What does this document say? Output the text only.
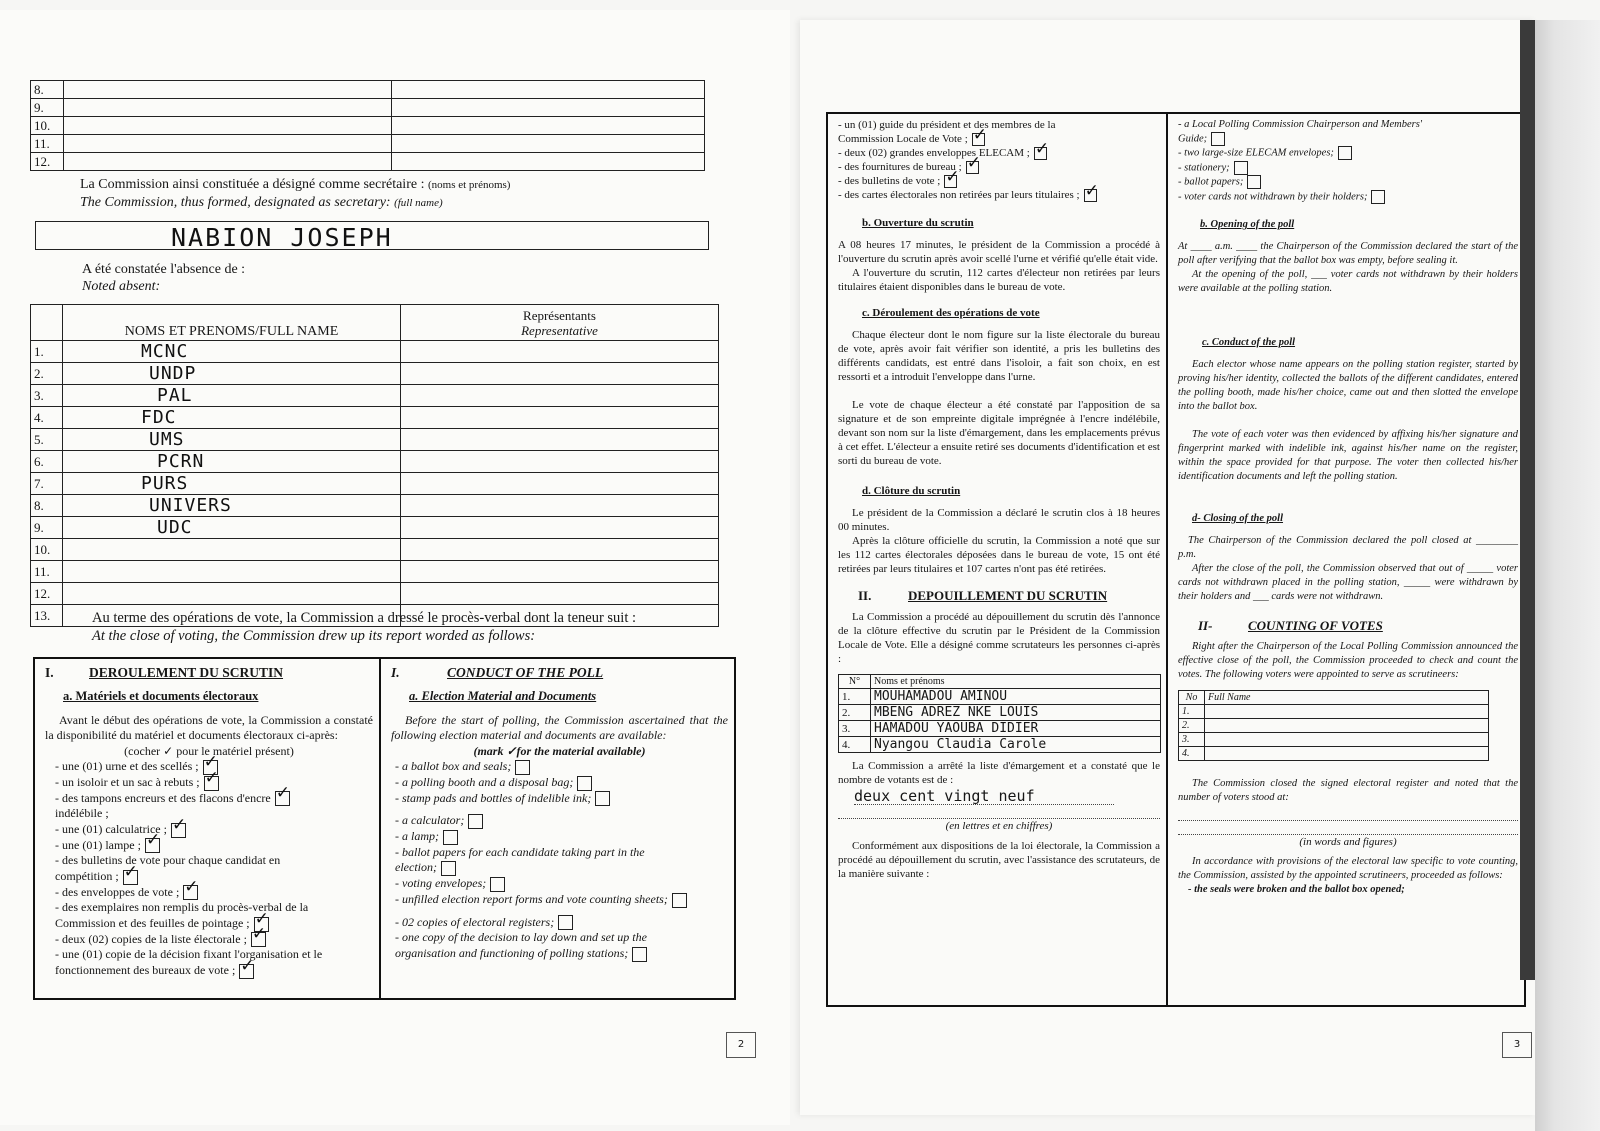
8.		
9.		
10.		
11.		
12.		
La Commission ainsi constituée a désigné comme secrétaire : (noms et prénoms)
The Commission, thus formed, designated as secretary: (full name)
NABION JOSEPH
A été constatée l'absence de :
Noted absent:
	NOMS ET PRENOMS/FULL NAME	Représentants
Representative

1.	MCNC	
2.	UNDP	
3.	PAL	
4.	FDC	
5.	UMS	
6.	PCRN	
7.	PURS	
8.	UNIVERS	
9.	UDC	
10.		
11.		
12.		
13.			Au terme des opérations de vote, la Commission a dressé le procès-verbal dont la teneur suit :
At the close of voting, the Commission drew up its report worded as follows:
I.	DEROULEMENT DU SCRUTIN
a. Matériels et documents électoraux
Avant le début des opérations de vote, la Commission a constaté la disponibilité du matériel et documents électoraux ci-après:
(cocher ✓ pour le matériel présent)
- une (01) urne et des scellés ;✓
- un isoloir et un sac à rebuts ;✓
- des tampons encreurs et des flacons d'encre✓
indélébile ;
- une (01) calculatrice ;✓
- une (01) lampe ;✓
- des bulletins de vote pour chaque candidat en
compétition ;✓
- des enveloppes de vote ;✓
- des exemplaires non remplis du procès-verbal de la
Commission et des feuilles de pointage ;✓
- deux (02) copies de la liste électorale ;✓
- une (01) copie de la décision fixant l'organisation et le
fonctionnement des bureaux de vote ;✓
I.	CONDUCT OF THE POLL
a. Election Material and Documents
Before the start of polling, the Commission ascertained that the following election material and documents are available:
(mark ✓for the material available)
- a ballot box and seals;
- a polling booth and a disposal bag;
- stamp pads and bottles of indelible ink;
- a calculator;
- a lamp;
- ballot papers for each candidate taking part in the
election;
- voting envelopes;
- unfilled election report forms and vote counting sheets;
- 02 copies of electoral registers;
- one copy of the decision to lay down and set up the
organisation and functioning of polling stations;
2
- un (01) guide du président et des membres de la
Commission Locale de Vote ;✓
- deux (02) grandes enveloppes ELECAM ;✓
- des fournitures de bureau ;✓
- des bulletins de vote ;✓
- des cartes électorales non retirées par leurs titulaires ;✓
b. Ouverture du scrutin
A 08 heures 17 minutes, le président de la Commission a procédé à l'ouverture du scrutin après avoir scellé l'urne et vérifié qu'elle était vide.
A l'ouverture du scrutin, 112 cartes d'électeur non retirées par leurs titulaires étaient disponibles dans le bureau de vote.
c. Déroulement des opérations de vote
Chaque électeur dont le nom figure sur la liste électorale du bureau de vote, après avoir fait vérifier son identité, a pris les bulletins des différents candidats, est entré dans l'isoloir, a fait son choix, en est ressorti et a introduit l'enveloppe dans l'urne.
Le vote de chaque électeur a été constaté par l'apposition de sa signature et de son empreinte digitale imprégnée à l'encre indélébile, devant son nom sur la liste d'émargement, dans les emplacements prévus à cet effet. L'électeur a ensuite retiré ses documents d'identification et est sorti du bureau de vote.
d. Clôture du scrutin
Le président de la Commission a déclaré le scrutin clos à 18 heures 00 minutes.
Après la clôture officielle du scrutin, la Commission a noté que sur les 112 cartes électorales déposées dans le bureau de vote, 15 ont été retirées par leurs titulaires et 107 cartes n'ont pas été retirées.
II.	DEPOUILLEMENT DU SCRUTIN
La Commission a procédé au dépouillement du scrutin dès l'annonce de la clôture effective du scrutin par le Président de la Commission Locale de Vote. Elle a désigné comme scrutateurs les personnes ci-après :
N°	Noms et prénoms
1.	MOUHAMADOU AMINOU
2.	MBENG ADREZ NKE LOUIS
3.	HAMADOU YAOUBA DIDIER
4.	Nyangou Claudia Carole
La Commission a arrêté la liste d'émargement et a constaté que le nombre de votants est de :
deux cent vingt neuf
(en lettres et en chiffres)
Conformément aux dispositions de la loi électorale, la Commission a procédé au dépouillement du scrutin, avec l'assistance des scrutateurs, de la manière suivante :
- a Local Polling Commission Chairperson and Members'
Guide;
- two large-size ELECAM envelopes;
- stationery;
- ballot papers;
- voter cards not withdrawn by their holders;
b. Opening of the poll
At ____ a.m. ____ the Chairperson of the Commission declared the start of the poll after verifying that the ballot box was empty, before sealing it.
At the opening of the poll, ___ voter cards not withdrawn by their holders were available at the polling station.
c. Conduct of the poll
Each elector whose name appears on the polling station register, started by proving his/her identity, collected the ballots of the different candidates, entered the polling booth, made his/her choice, came out and then slotted the envelope into the ballot box.
The vote of each voter was then evidenced by affixing his/her signature and fingerprint marked with indelible ink, against his/her name on the register, within the space provided for that purpose. The voter then collected his/her identification documents and left the polling station.
d- Closing of the poll
The Chairperson of the Commission declared the poll closed at ________ p.m.
After the close of the poll, the Commission observed that out of _____ voter cards not withdrawn placed in the polling station, _____ were withdrawn by their holders and ___ cards were not withdrawn.
II-	COUNTING OF VOTES
Right after the Chairperson of the Local Polling Commission announced the effective close of the poll, the Commission proceeded to check and count the votes. The following voters were appointed to serve as scrutineers:
No	Full Name
1.	
2.	
3.	
4.	
The Commission closed the signed electoral register and noted that the number of voters stood at:
(in words and figures)
In accordance with provisions of the electoral law specific to vote counting, the Commission, assisted by the appointed scrutineers, proceeded as follows:
- the seals were broken and the ballot box opened;
3
